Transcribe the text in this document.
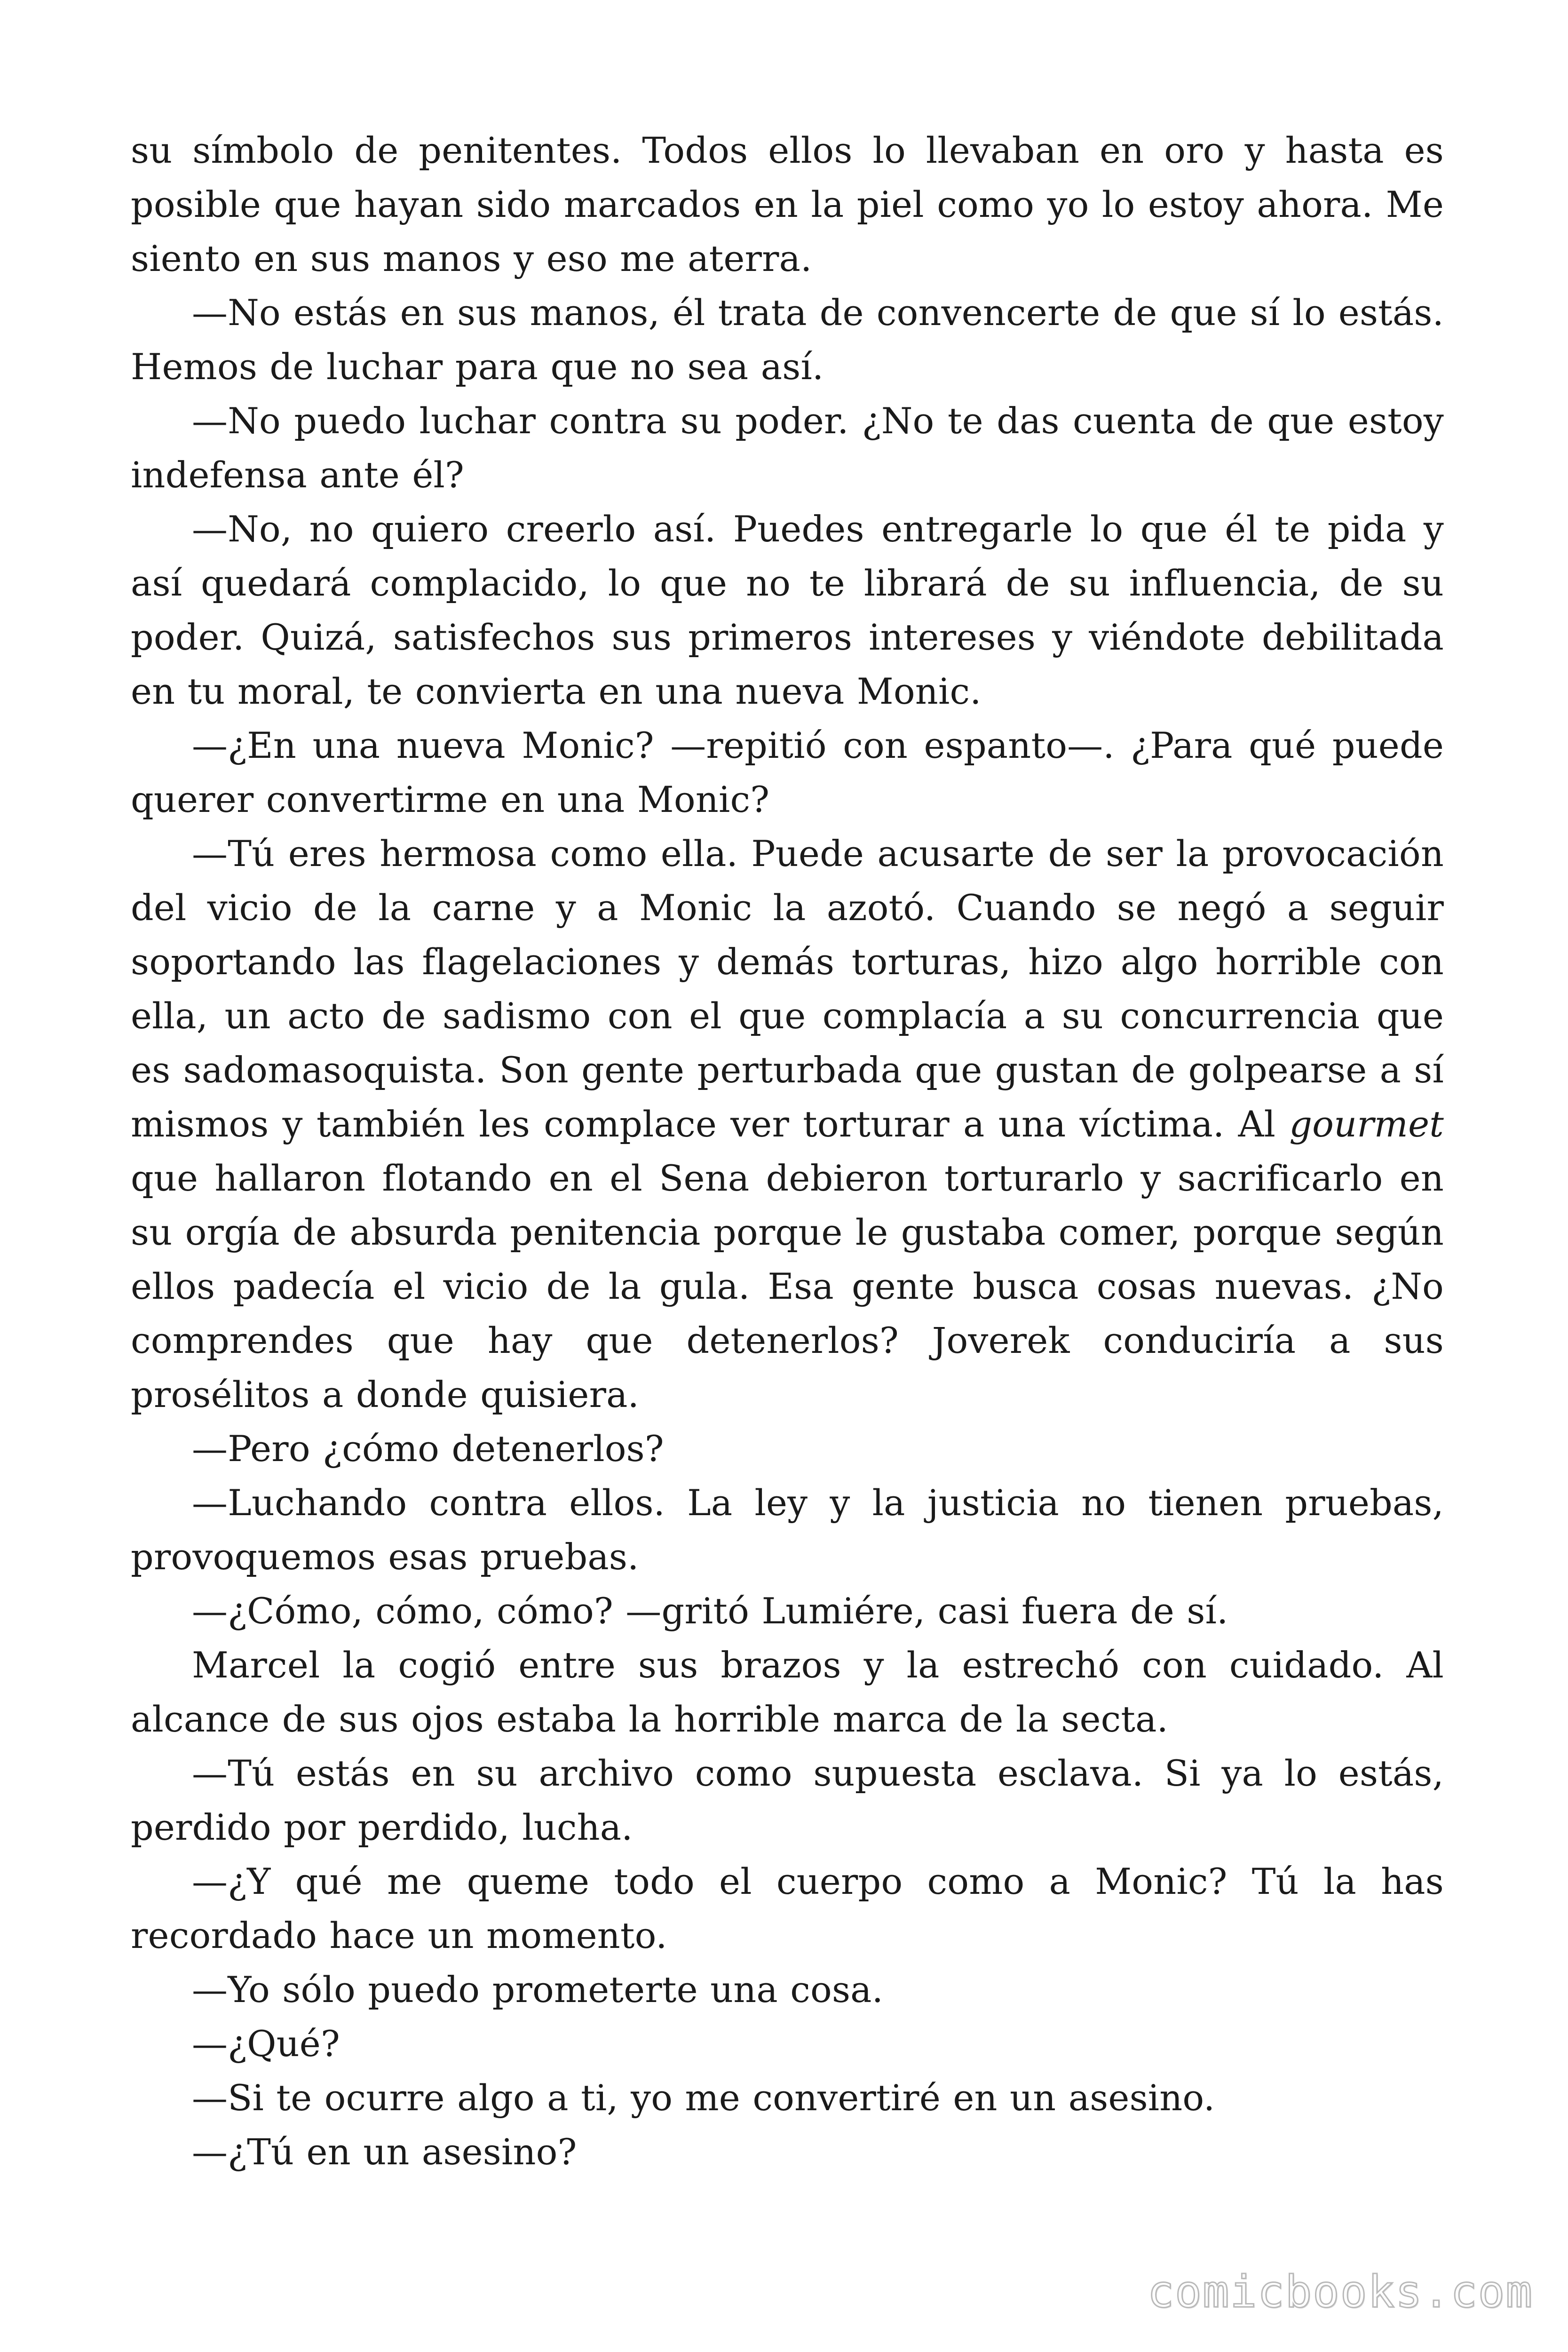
su símbolo de penitentes. Todos ellos lo llevaban en oro y hasta es posible que hayan sido marcados en la piel como yo lo estoy ahora. Me siento en sus manos y eso me aterra.

—No estás en sus manos, él trata de convencerte de que sí lo estás. Hemos de luchar para que no sea así.

—No puedo luchar contra su poder. ¿No te das cuenta de que estoy indefensa ante él?

—No, no quiero creerlo así. Puedes entregarle lo que él te pida y así quedará complacido, lo que no te librará de su influencia, de su poder. Quizá, satisfechos sus primeros intereses y viéndote debilitada en tu moral, te convierta en una nueva Monic.

—¿En una nueva Monic? —repitió con espanto—. ¿Para qué puede querer convertirme en una Monic?

—Tú eres hermosa como ella. Puede acusarte de ser la provocación del vicio de la carne y a Monic la azotó. Cuando se negó a seguir soportando las flagelaciones y demás torturas, hizo algo horrible con ella, un acto de sadismo con el que complacía a su concurrencia que es sadomasoquista. Son gente perturbada que gustan de golpearse a sí mismos y también les complace ver torturar a una víctima. Al gourmet que hallaron flotando en el Sena debieron torturarlo y sacrificarlo en su orgía de absurda penitencia porque le gustaba comer, porque según ellos padecía el vicio de la gula. Esa gente busca cosas nuevas. ¿No comprendes que hay que detenerlos? Joverek conduciría a sus prosélitos a donde quisiera.

—Pero ¿cómo detenerlos?

—Luchando contra ellos. La ley y la justicia no tienen pruebas, provoquemos esas pruebas.

—¿Cómo, cómo, cómo? —gritó Lumiére, casi fuera de sí.

Marcel la cogió entre sus brazos y la estrechó con cuidado. Al alcance de sus ojos estaba la horrible marca de la secta.

—Tú estás en su archivo como supuesta esclava. Si ya lo estás, perdido por perdido, lucha.

—¿Y qué me queme todo el cuerpo como a Monic? Tú la has recordado hace un momento.

—Yo sólo puedo prometerte una cosa.

—¿Qué?

—Si te ocurre algo a ti, yo me convertiré en un asesino.

—¿Tú en un asesino?

comicbooks.com
